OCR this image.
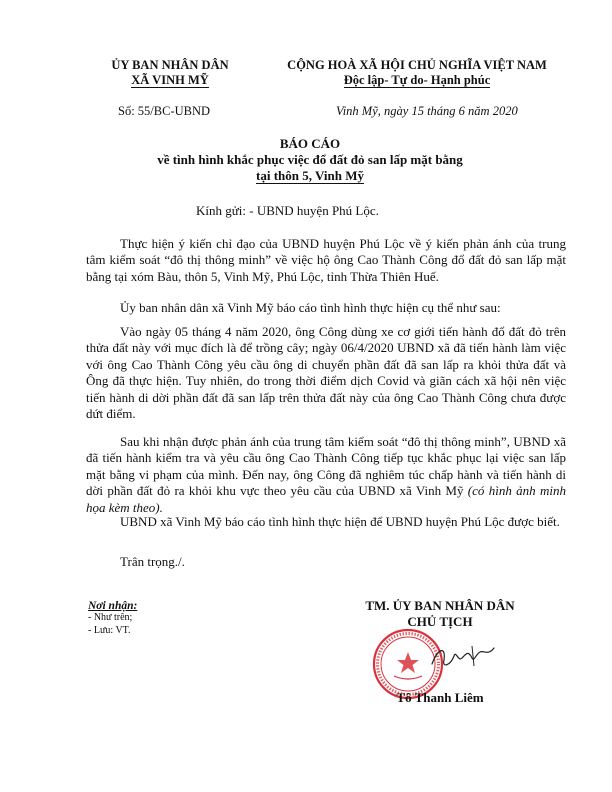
ỦY BAN NHÂN DÂN
XÃ VINH MỸ
CỘNG HOÀ XÃ HỘI CHỦ NGHĨA VIỆT NAM
Độc lập- Tự do- Hạnh phúc
Số: 55/BC-UBND	Vinh Mỹ, ngày 15 tháng 6 năm 2020
BÁO CÁO
về tình hình khắc phục việc đổ đất đỏ san lấp mặt bằng
tại thôn 5, Vinh Mỹ
Kính gửi: - UBND huyện Phú Lộc.

Thực hiện ý kiến chỉ đạo của UBND huyện Phú Lộc về ý kiến phản ánh của trung tâm kiểm soát “đô thị thông minh” về việc hộ ông Cao Thành Công đổ đất đỏ san lấp mặt bằng tại xóm Bàu, thôn 5, Vinh Mỹ, Phú Lộc, tỉnh Thừa Thiên Huế.

Ủy ban nhân dân xã Vinh Mỹ báo cáo tình hình thực hiện cụ thể như sau:

Vào ngày 05 tháng 4 năm 2020, ông Công dùng xe cơ giới tiến hành đổ đất đỏ trên thửa đất này với mục đích là để trồng cây; ngày 06/4/2020 UBND xã đã tiến hành làm việc với ông Cao Thành Công yêu cầu ông di chuyển phần đất đã san lấp ra khỏi thửa đất và Ông đã thực hiện. Tuy nhiên, do trong thời điểm dịch Covid và giãn cách xã hội nên việc tiến hành di dời phần đất đã san lấp trên thửa đất này của ông Cao Thành Công chưa được dứt điểm.

Sau khi nhận được phản ánh của trung tâm kiểm soát “đô thị thông minh”, UBND xã đã tiến hành kiểm tra và yêu cầu ông Cao Thành Công tiếp tục khắc phục lại việc san lấp mặt bằng vi phạm của mình. Đến nay, ông Công đã nghiêm túc chấp hành và tiến hành di dời phần đất đỏ ra khỏi khu vực theo yêu cầu của UBND xã Vinh Mỹ (có hình ảnh minh họa kèm theo).

UBND xã Vinh Mỹ báo cáo tình hình thực hiện để UBND huyện Phú Lộc được biết.

Trân trọng./.

Nơi nhận:
- Như trên;
- Lưu: VT.
TM. ỦY BAN NHÂN DÂN
CHỦ TỊCH
Tô Thanh Liêm
